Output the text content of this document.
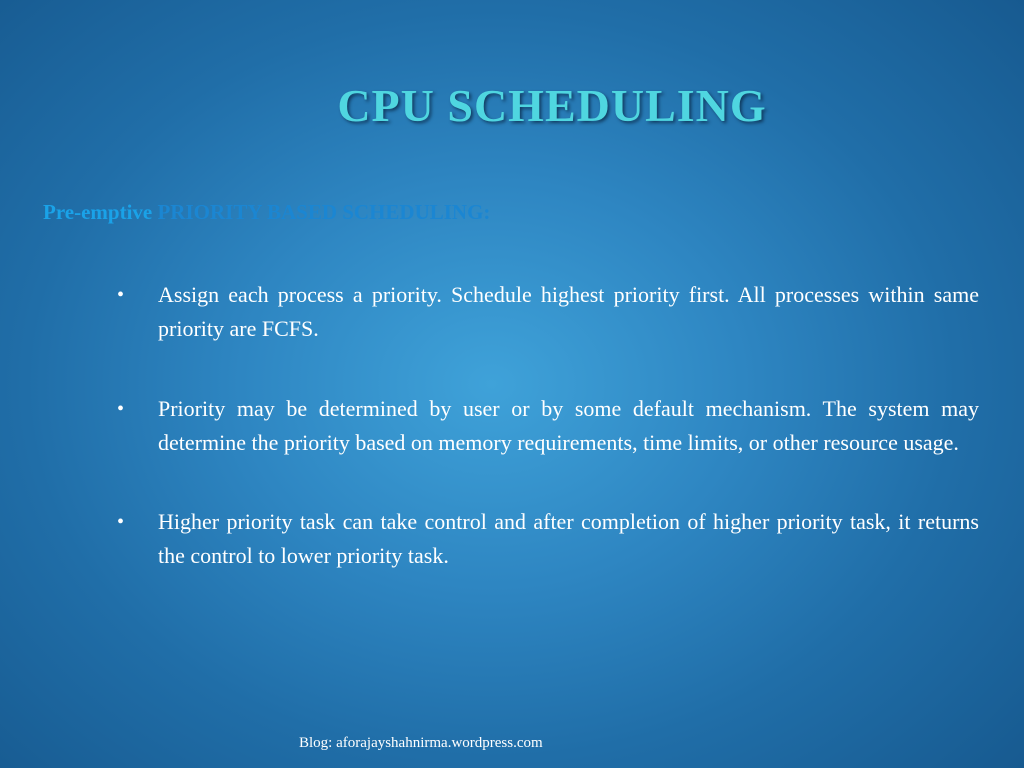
CPU SCHEDULING

Pre-emptive PRIORITY BASED SCHEDULING:

• Assign each process a priority. Schedule highest priority first. All processes within same priority are FCFS.
• Priority may be determined by user or by some default mechanism. The system may determine the priority based on memory requirements, time limits, or other resource usage.
• Higher priority task can take control and after completion of higher priority task, it returns the control to lower priority task.

Blog: aforajayshahnirma.wordpress.com
